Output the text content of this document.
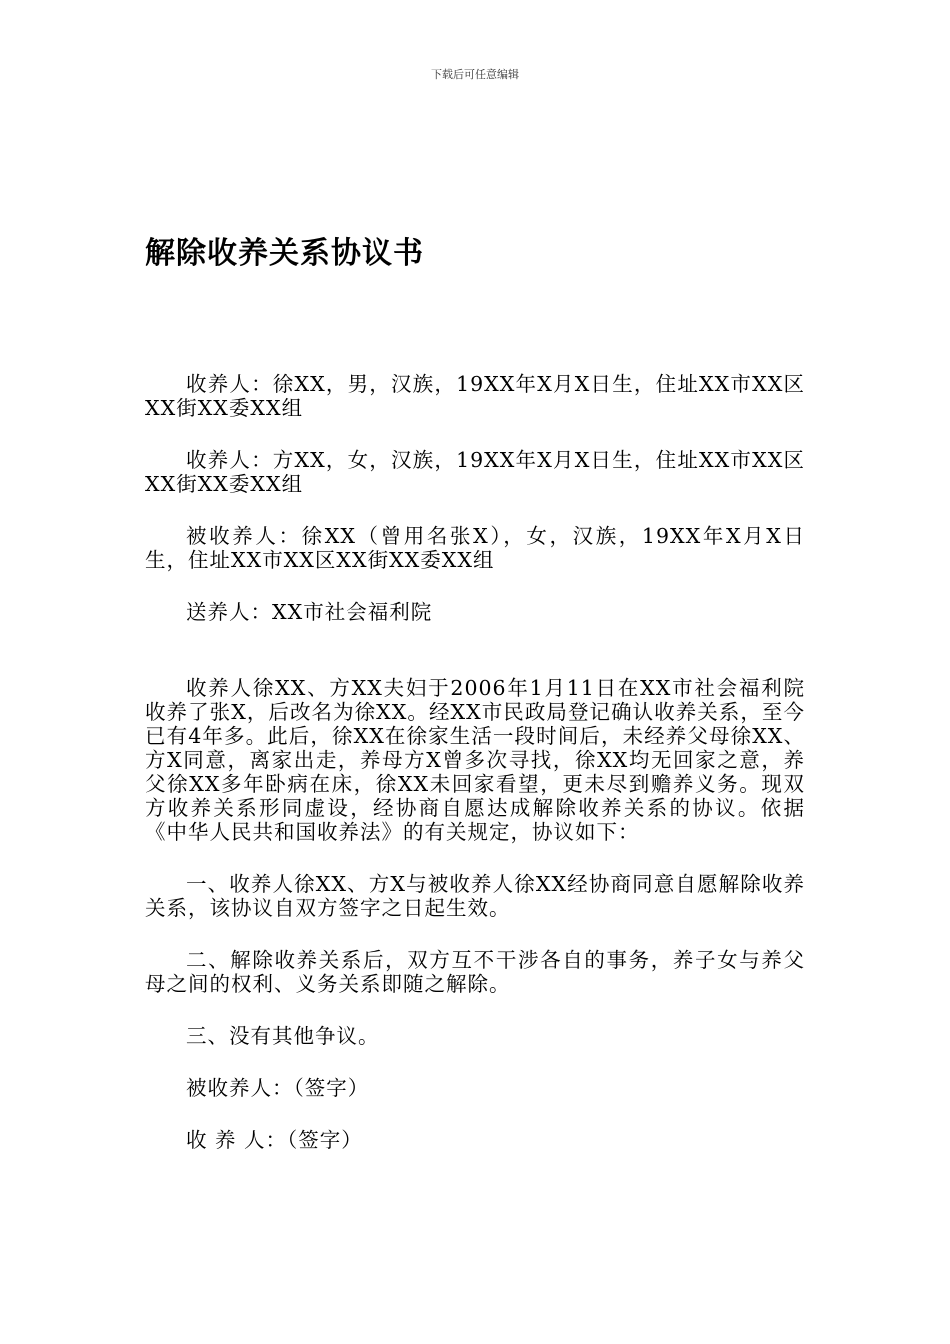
下载后可任意编辑
解除收养关系协议书

收养人：徐XX，男，汉族，19XX年X月X日生，住址XX市XX区XX街XX委XX组

收养人：方XX，女，汉族，19XX年X月X日生，住址XX市XX区XX街XX委XX组

被收养人：徐XX（曾用名张X），女，汉族，19XX年X月X日生，住址XX市XX区XX街XX委XX组

送养人：XX市社会福利院

收养人徐XX、方XX夫妇于2006年1月11日在XX市社会福利院收养了张X，后改名为徐XX。经XX市民政局登记确认收养关系，至今已有4年多。此后，徐XX在徐家生活一段时间后，未经养父母徐XX、方X同意，离家出走，养母方X曾多次寻找，徐XX均无回家之意，养父徐XX多年卧病在床，徐XX未回家看望，更未尽到赡养义务。现双方收养关系形同虚设，经协商自愿达成解除收养关系的协议。依据《中华人民共和国收养法》的有关规定，协议如下：

一、收养人徐XX、方X与被收养人徐XX经协商同意自愿解除收养关系，该协议自双方签字之日起生效。

二、解除收养关系后，双方互不干涉各自的事务，养子女与养父母之间的权利、义务关系即随之解除。

三、没有其他争议。

被收养人：（签字）

收 养 人：（签字）
